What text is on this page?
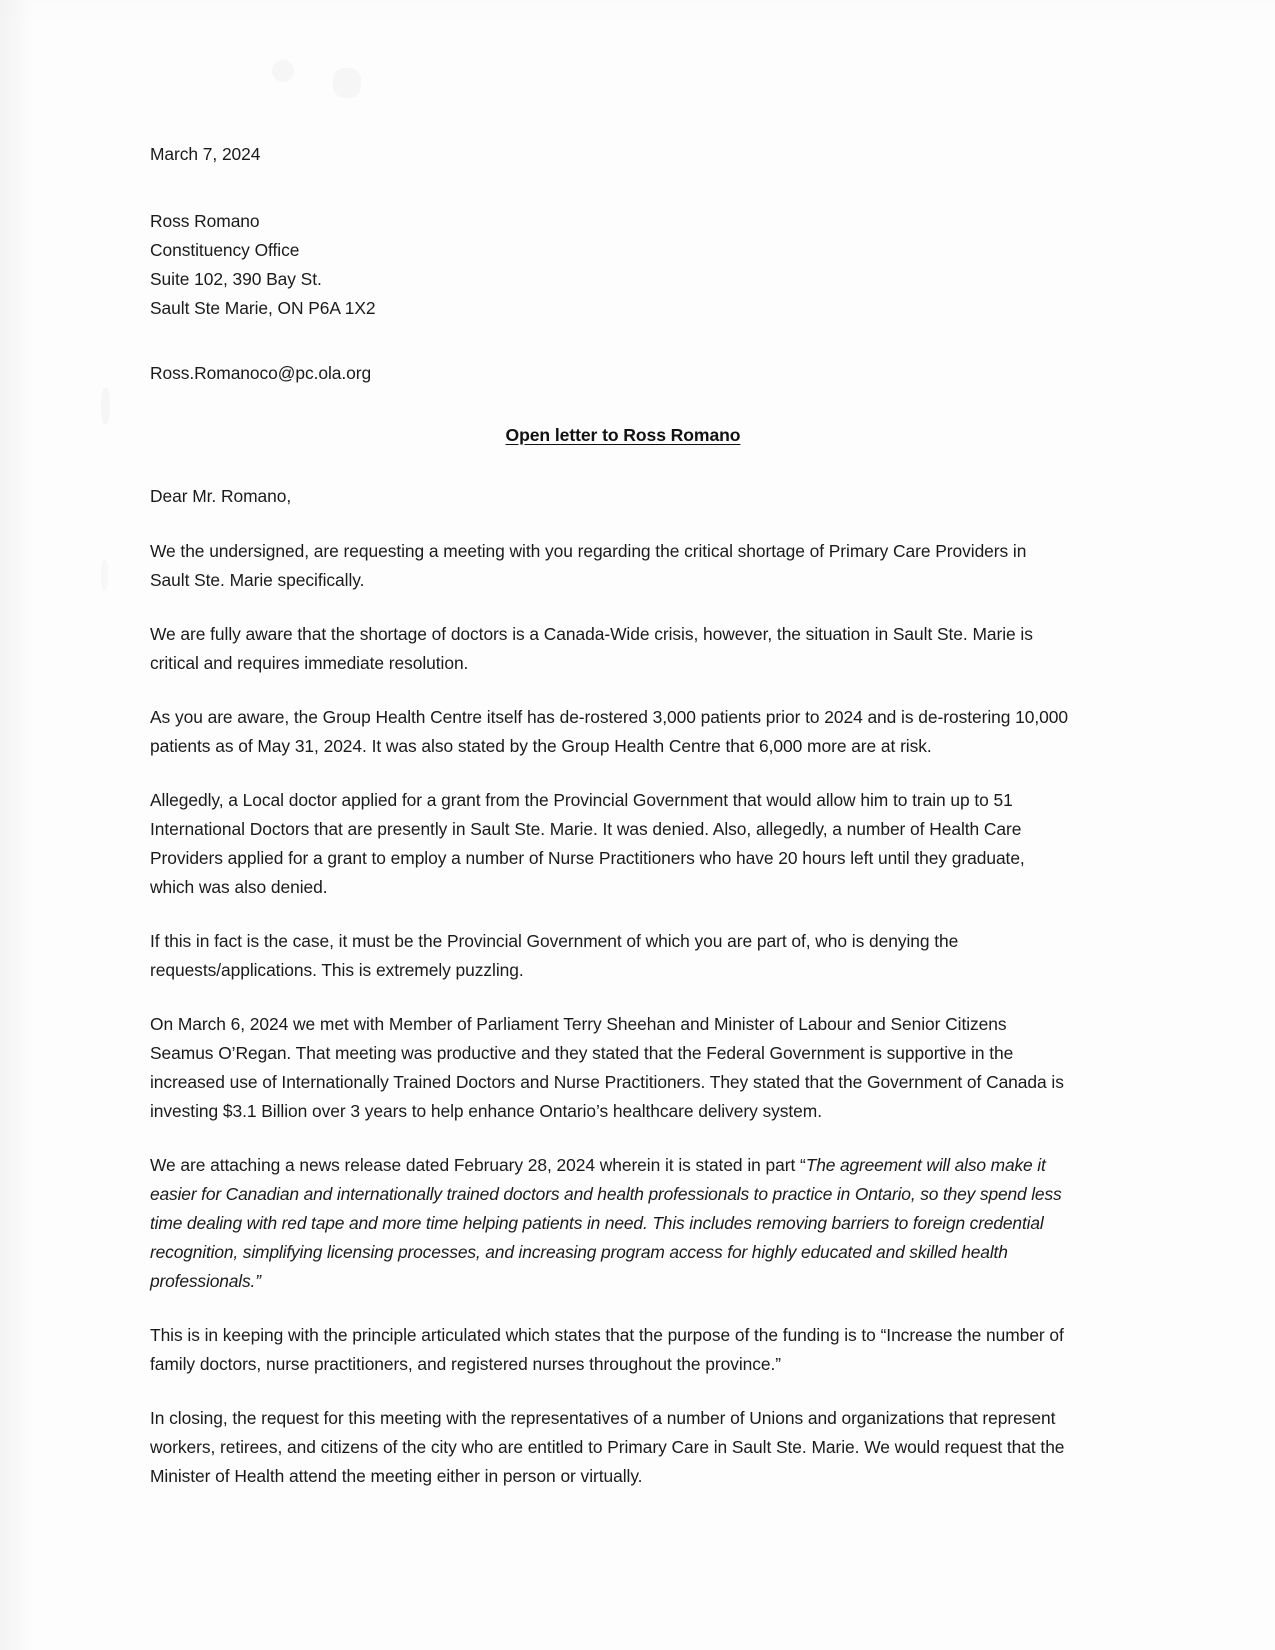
March 7, 2024

Ross Romano

Constituency Office

Suite 102, 390 Bay St.

Sault Ste Marie, ON P6A 1X2

Ross.Romanoco@pc.ola.org

Open letter to Ross Romano

Dear Mr. Romano,

We the undersigned, are requesting a meeting with you regarding the critical shortage of Primary Care Providers in Sault Ste. Marie specifically.

We are fully aware that the shortage of doctors is a Canada-Wide crisis, however, the situation in Sault Ste. Marie is critical and requires immediate resolution.

As you are aware, the Group Health Centre itself has de-rostered 3,000 patients prior to 2024 and is de-rostering 10,000 patients as of May 31, 2024. It was also stated by the Group Health Centre that 6,000 more are at risk.

Allegedly, a Local doctor applied for a grant from the Provincial Government that would allow him to train up to 51 International Doctors that are presently in Sault Ste. Marie. It was denied. Also, allegedly, a number of Health Care Providers applied for a grant to employ a number of Nurse Practitioners who have 20 hours left until they graduate, which was also denied.

If this in fact is the case, it must be the Provincial Government of which you are part of, who is denying the requests/applications. This is extremely puzzling.

On March 6, 2024 we met with Member of Parliament Terry Sheehan and Minister of Labour and Senior Citizens Seamus O’Regan. That meeting was productive and they stated that the Federal Government is supportive in the increased use of Internationally Trained Doctors and Nurse Practitioners. They stated that the Government of Canada is investing $3.1 Billion over 3 years to help enhance Ontario’s healthcare delivery system.

We are attaching a news release dated February 28, 2024 wherein it is stated in part “The agreement will also make it easier for Canadian and internationally trained doctors and health professionals to practice in Ontario, so they spend less time dealing with red tape and more time helping patients in need. This includes removing barriers to foreign credential recognition, simplifying licensing processes, and increasing program access for highly educated and skilled health professionals.”

This is in keeping with the principle articulated which states that the purpose of the funding is to “Increase the number of family doctors, nurse practitioners, and registered nurses throughout the province.”

In closing, the request for this meeting with the representatives of a number of Unions and organizations that represent workers, retirees, and citizens of the city who are entitled to Primary Care in Sault Ste. Marie. We would request that the Minister of Health attend the meeting either in person or virtually.
